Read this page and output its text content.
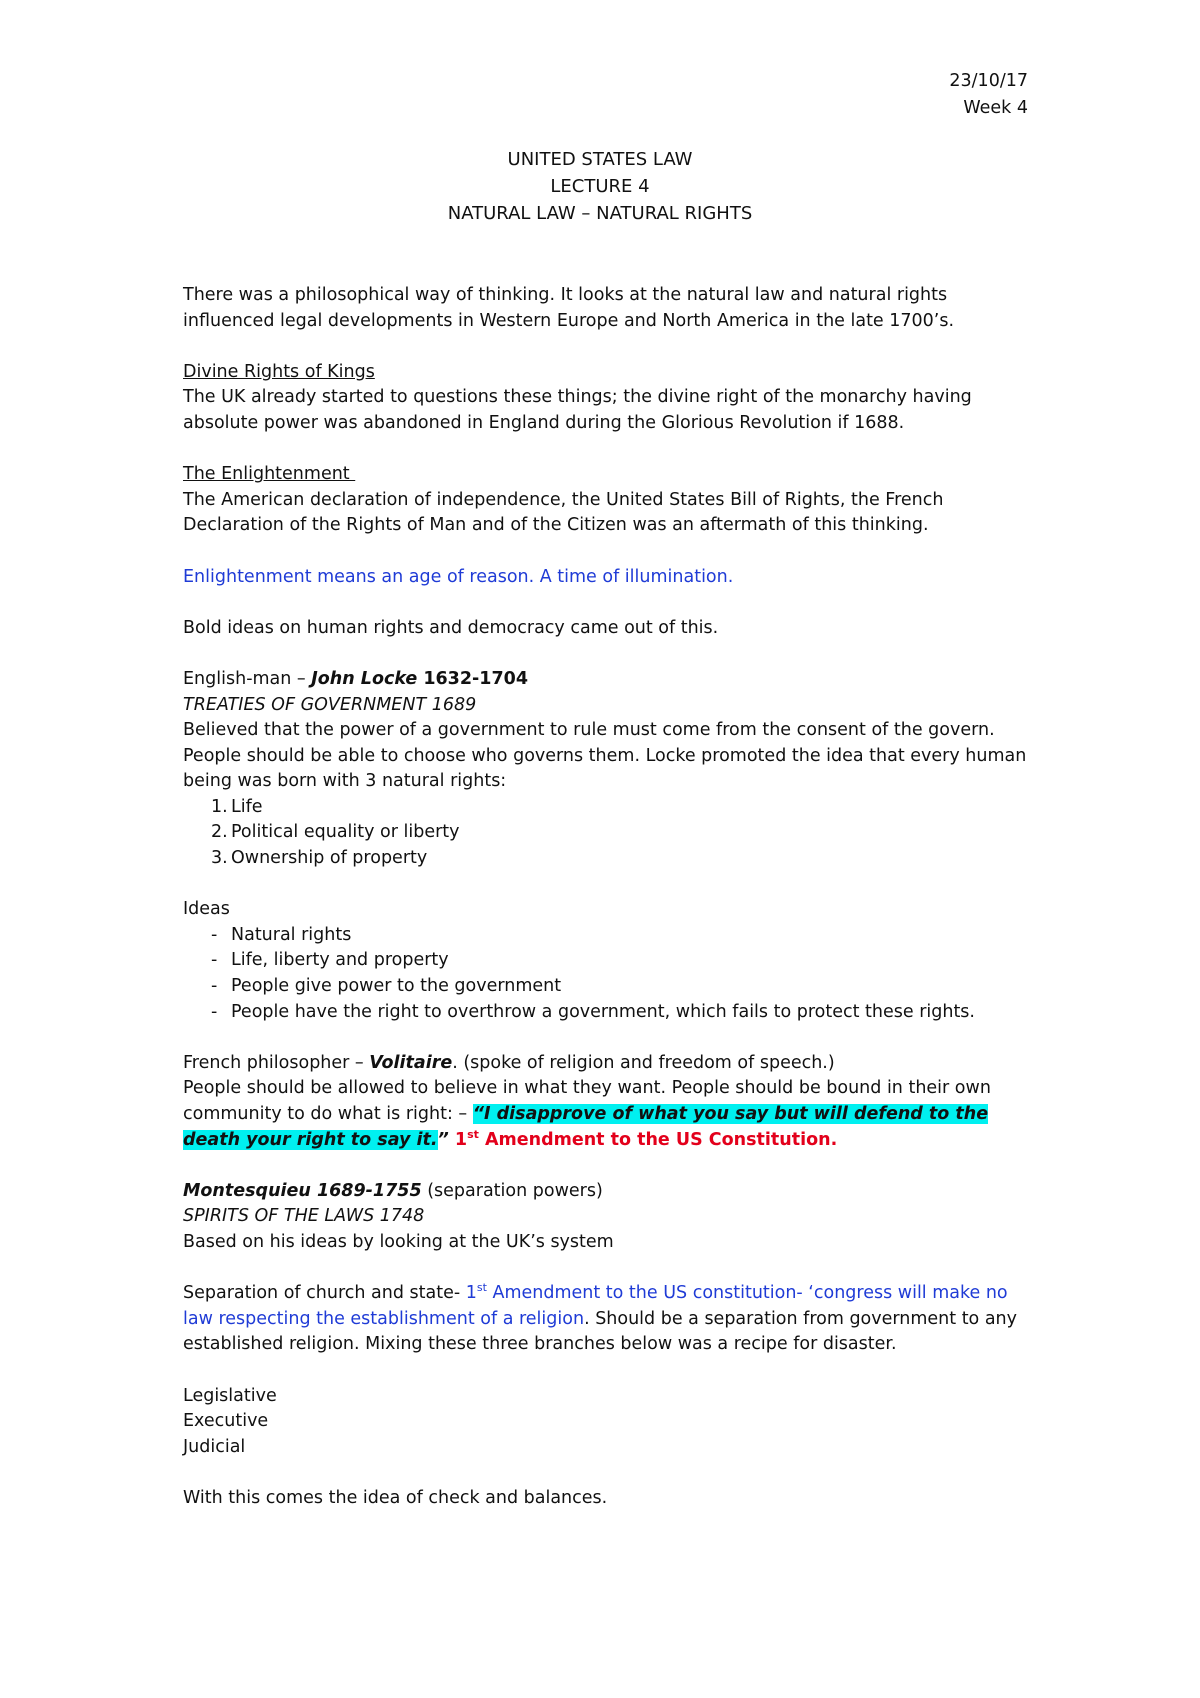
23/10/17
Week 4
UNITED STATES LAW
LECTURE 4
NATURAL LAW – NATURAL RIGHTS

There was a philosophical way of thinking. It looks at the natural law and natural rights influenced legal developments in Western Europe and North America in the late 1700’s.

Divine Rights of Kings

The UK already started to questions these things; the divine right of the monarchy having absolute power was abandoned in England during the Glorious Revolution if 1688.

The Enlightenment

The American declaration of independence, the United States Bill of Rights, the French Declaration of the Rights of Man and of the Citizen was an aftermath of this thinking.

Enlightenment means an age of reason. A time of illumination.

Bold ideas on human rights and democracy came out of this.

English-man – John Locke 1632-1704

TREATIES OF GOVERNMENT 1689

Believed that the power of a government to rule must come from the consent of the govern. People should be able to choose who governs them. Locke promoted the idea that every human being was born with 3 natural rights:

1. Life
2. Political equality or liberty
3. Ownership of property

Ideas

- Natural rights
- Life, liberty and property
- People give power to the government
- People have the right to overthrow a government, which fails to protect these rights.

French philosopher – Volitaire. (spoke of religion and freedom of speech.)

People should be allowed to believe in what they want. People should be bound in their own community to do what is right: – “I disapprove of what you say but will defend to the death your right to say it.” 1st Amendment to the US Constitution.

Montesquieu 1689-1755 (separation powers)

SPIRITS OF THE LAWS 1748

Based on his ideas by looking at the UK’s system

Separation of church and state- 1st Amendment to the US constitution- ‘congress will make no law respecting the establishment of a religion. Should be a separation from government to any established religion. Mixing these three branches below was a recipe for disaster.

Legislative

Executive

Judicial

With this comes the idea of check and balances.
